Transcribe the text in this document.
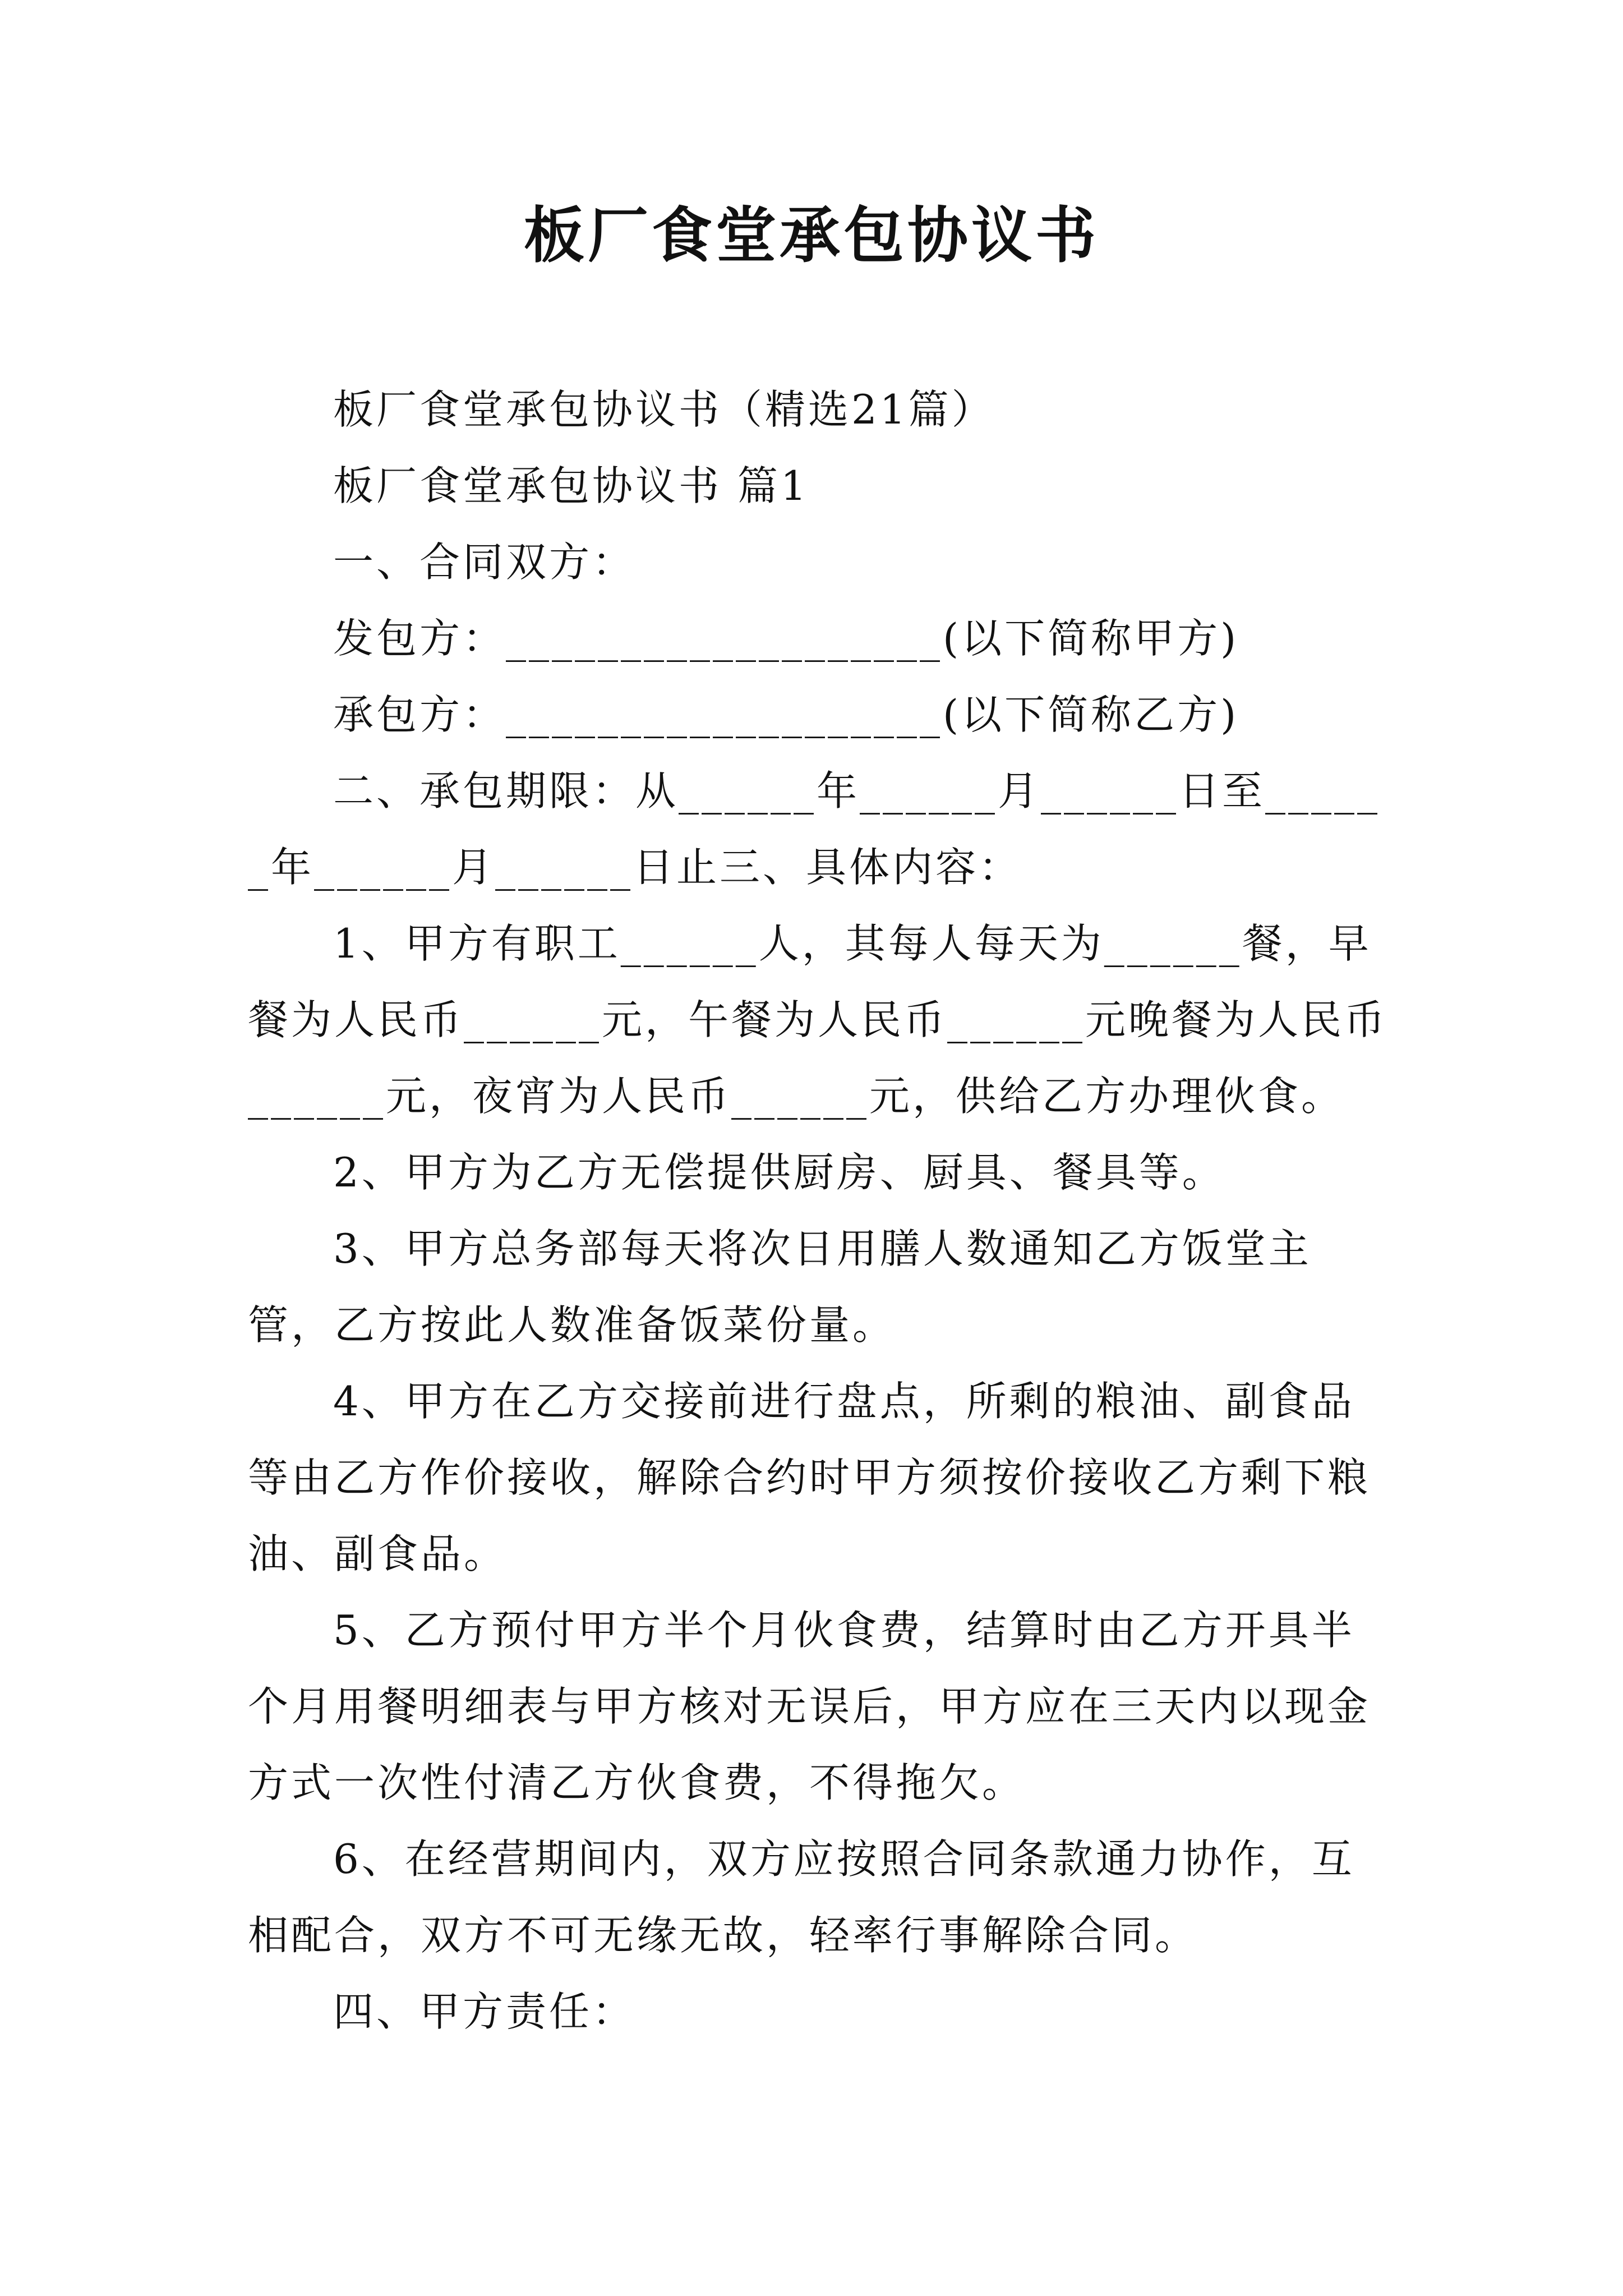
板厂食堂承包协议书

板厂食堂承包协议书（精选21篇）

板厂食堂承包协议书 篇1

一、合同双方：

发包方：___________________(以下简称甲方)

承包方：___________________(以下简称乙方)

二、承包期限：从______年______月______日至______年______月______日止三、具体内容：

1、甲方有职工______人，其每人每天为______餐，早餐为人民币______元，午餐为人民币______元晚餐为人民币______元，夜宵为人民币______元，供给乙方办理伙食。

2、甲方为乙方无偿提供厨房、厨具、餐具等。

3、甲方总务部每天将次日用膳人数通知乙方饭堂主管，乙方按此人数准备饭菜份量。

4、甲方在乙方交接前进行盘点，所剩的粮油、副食品等由乙方作价接收，解除合约时甲方须按价接收乙方剩下粮油、副食品。

5、乙方预付甲方半个月伙食费，结算时由乙方开具半个月用餐明细表与甲方核对无误后，甲方应在三天内以现金方式一次性付清乙方伙食费，不得拖欠。

6、在经营期间内，双方应按照合同条款通力协作，互相配合，双方不可无缘无故，轻率行事解除合同。

四、甲方责任：
